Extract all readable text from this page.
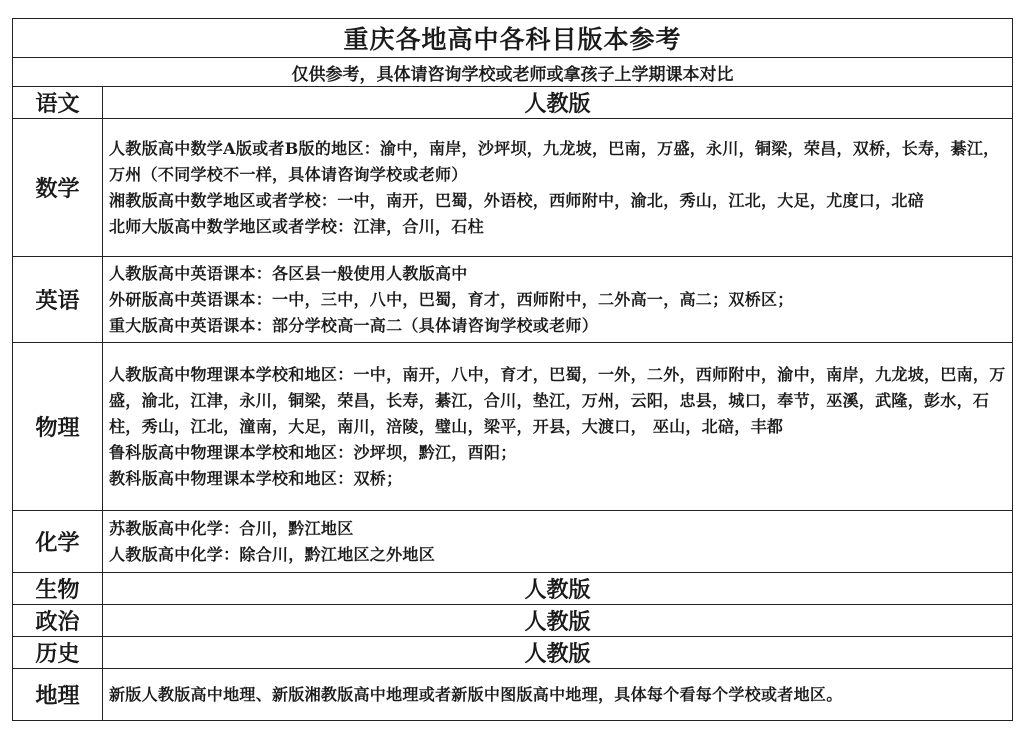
重庆各地高中各科目版本参考	
仅供参考，具体请咨询学校或老师或拿孩子上学期课本对比	
语文	人教版
数学	人教版高中数学A版或者B版的地区：渝中，南岸，沙坪坝，九龙坡，巴南，万盛，永川，铜梁，荣昌，双桥，长寿，綦江，万州（不同学校不一样，具体请咨询学校或老师）
湘教版高中数学地区或者学校：一中，南开，巴蜀，外语校，西师附中，渝北，秀山，江北，大足，尤度口，北碚
北师大版高中数学地区或者学校：江津，合川，石柱

英语	人教版高中英语课本：各区县一般使用人教版高中
外研版高中英语课本：一中，三中，八中，巴蜀，育才，西师附中，二外高一，高二；双桥区；
重大版高中英语课本：部分学校高一高二（具体请咨询学校或老师）

物理	人教版高中物理课本学校和地区：一中，南开，八中，育才，巴蜀，一外，二外，西师附中，渝中，南岸，九龙坡，巴南，万盛，渝北，江津，永川，铜梁，荣昌，长寿，綦江，合川，垫江，万州，云阳，忠县，城口，奉节，巫溪，武隆，彭水，石柱，秀山，江北，潼南，大足，南川，涪陵，璧山，梁平，开县，大渡口， 巫山，北碚，丰都
鲁科版高中物理课本学校和地区：沙坪坝，黔江，酉阳；
教科版高中物理课本学校和地区：双桥；

化学	苏教版高中化学：合川，黔江地区
人教版高中化学：除合川，黔江地区之外地区

生物	人教版
政治	人教版
历史	人教版
地理	新版人教版高中地理、新版湘教版高中地理或者新版中图版高中地理，具体每个看每个学校或者地区。
